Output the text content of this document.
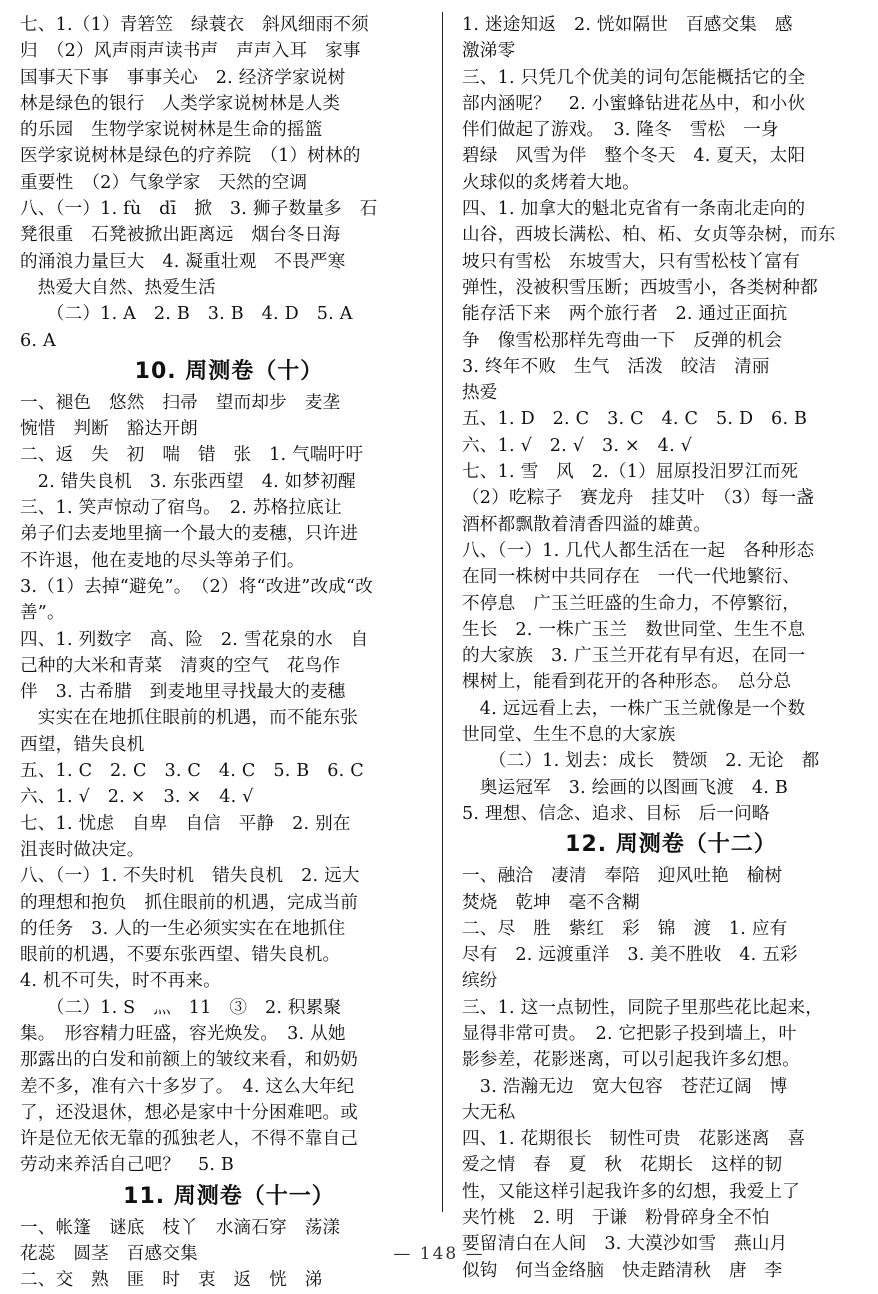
七、1.（1）青箬笠　绿蓑衣　斜风细雨不须
归　（2）风声雨声读书声　声声入耳　家事
国事天下事　事事关心　2. 经济学家说树
林是绿色的银行　人类学家说树林是人类
的乐园　生物学家说树林是生命的摇篮
医学家说树林是绿色的疗养院　（1）树林的
重要性　（2）气象学家　天然的空调
八、（一）1. fù　dī　掀　3. 狮子数量多　石
凳很重　石凳被掀出距离远　烟台冬日海
的涌浪力量巨大　4. 凝重壮观　不畏严寒
　热爱大自然、热爱生活
　　（二）1. A　2. B　3. B　4. D　5. A
6. A
10. 周测卷（十）
一、褪色　悠然　扫帚　望而却步　麦垄
惋惜　判断　豁达开朗
二、返　失　初　喘　错　张　1. 气喘吁吁
　2. 错失良机　3. 东张西望　4. 如梦初醒
三、1. 笑声惊动了宿鸟。　2. 苏格拉底让
弟子们去麦地里摘一个最大的麦穗，只许进
不许退，他在麦地的尽头等弟子们。
3.（1）去掉“避免”。　（2）将“改进”改成“改
善”。
四、1. 列数字　高、险　2. 雪花泉的水　自
己种的大米和青菜　清爽的空气　花鸟作
伴　3. 古希腊　到麦地里寻找最大的麦穗
　实实在在地抓住眼前的机遇，而不能东张
西望，错失良机
五、1. C　2. C　3. C　4. C　5. B　6. C
六、1. √　2. ×　3. ×　4. √
七、1. 忧虑　自卑　自信　平静　2. 别在
沮丧时做决定。
八、（一）1. 不失时机　错失良机　2. 远大
的理想和抱负　抓住眼前的机遇，完成当前
的任务　3. 人的一生必须实实在在地抓住
眼前的机遇，不要东张西望、错失良机。
4. 机不可失，时不再来。
　　（二）1. S　灬　11　③　2. 积累聚
集。　形容精力旺盛，容光焕发。　3. 从她
那露出的白发和前额上的皱纹来看，和奶奶
差不多，准有六十多岁了。　4. 这么大年纪
了，还没退休，想必是家中十分困难吧。或
许是位无依无靠的孤独老人，不得不靠自己
劳动来养活自己吧？　5. B
11. 周测卷（十一）
一、帐篷　谜底　枝丫　水滴石穿　荡漾
花蕊　圆茎　百感交集
二、交　熟　匪　时　衷　返　恍　涕
1. 迷途知返　2. 恍如隔世　百感交集　感
激涕零
三、1. 只凭几个优美的词句怎能概括它的全
部内涵呢？　2. 小蜜蜂钻进花丛中，和小伙
伴们做起了游戏。　3. 隆冬　雪松　一身
碧绿　风雪为伴　整个冬天　4. 夏天，太阳
火球似的炙烤着大地。
四、1. 加拿大的魁北克省有一条南北走向的
山谷，西坡长满松、柏、柘、女贞等杂树，而东
坡只有雪松　东坡雪大，只有雪松枝丫富有
弹性，没被积雪压断；西坡雪小，各类树种都
能存活下来　两个旅行者　2. 通过正面抗
争　像雪松那样先弯曲一下　反弹的机会
3. 终年不败　生气　活泼　皎洁　清丽
热爱
五、1. D　2. C　3. C　4. C　5. D　6. B
六、1. √　2. √　3. ×　4. √
七、1. 雪　风　2.（1）屈原投汨罗江而死
（2）吃粽子　赛龙舟　挂艾叶　（3）每一盏
酒杯都飘散着清香四溢的雄黄。
八、（一）1. 几代人都生活在一起　各种形态
在同一株树中共同存在　一代一代地繁衍、
不停息　广玉兰旺盛的生命力，不停繁衍，
生长　2. 一株广玉兰　数世同堂、生生不息
的大家族　3. 广玉兰开花有早有迟，在同一
棵树上，能看到花开的各种形态。　总分总
　4. 远远看上去，一株广玉兰就像是一个数
世同堂、生生不息的大家族
　　（二）1. 划去：成长　赞颂　2. 无论　都
　奥运冠军　3. 绘画的以图画飞渡　4. B
5. 理想、信念、追求、目标　后一问略
12. 周测卷（十二）
一、融洽　凄清　奉陪　迎风吐艳　榆树
焚烧　乾坤　毫不含糊
二、尽　胜　紫红　彩　锦　渡　1. 应有
尽有　2. 远渡重洋　3. 美不胜收　4. 五彩
缤纷
三、1. 这一点韧性，同院子里那些花比起来，
显得非常可贵。　2. 它把影子投到墙上，叶
影参差，花影迷离，可以引起我许多幻想。
　3. 浩瀚无边　宽大包容　苍茫辽阔　博
大无私
四、1. 花期很长　韧性可贵　花影迷离　喜
爱之情　春　夏　秋　花期长　这样的韧
性，又能这样引起我许多的幻想，我爱上了
夹竹桃　2. 明　于谦　粉骨碎身全不怕
要留清白在人间　3. 大漠沙如雪　燕山月
似钩　何当金络脑　快走踏清秋　唐　李
— 148 —
